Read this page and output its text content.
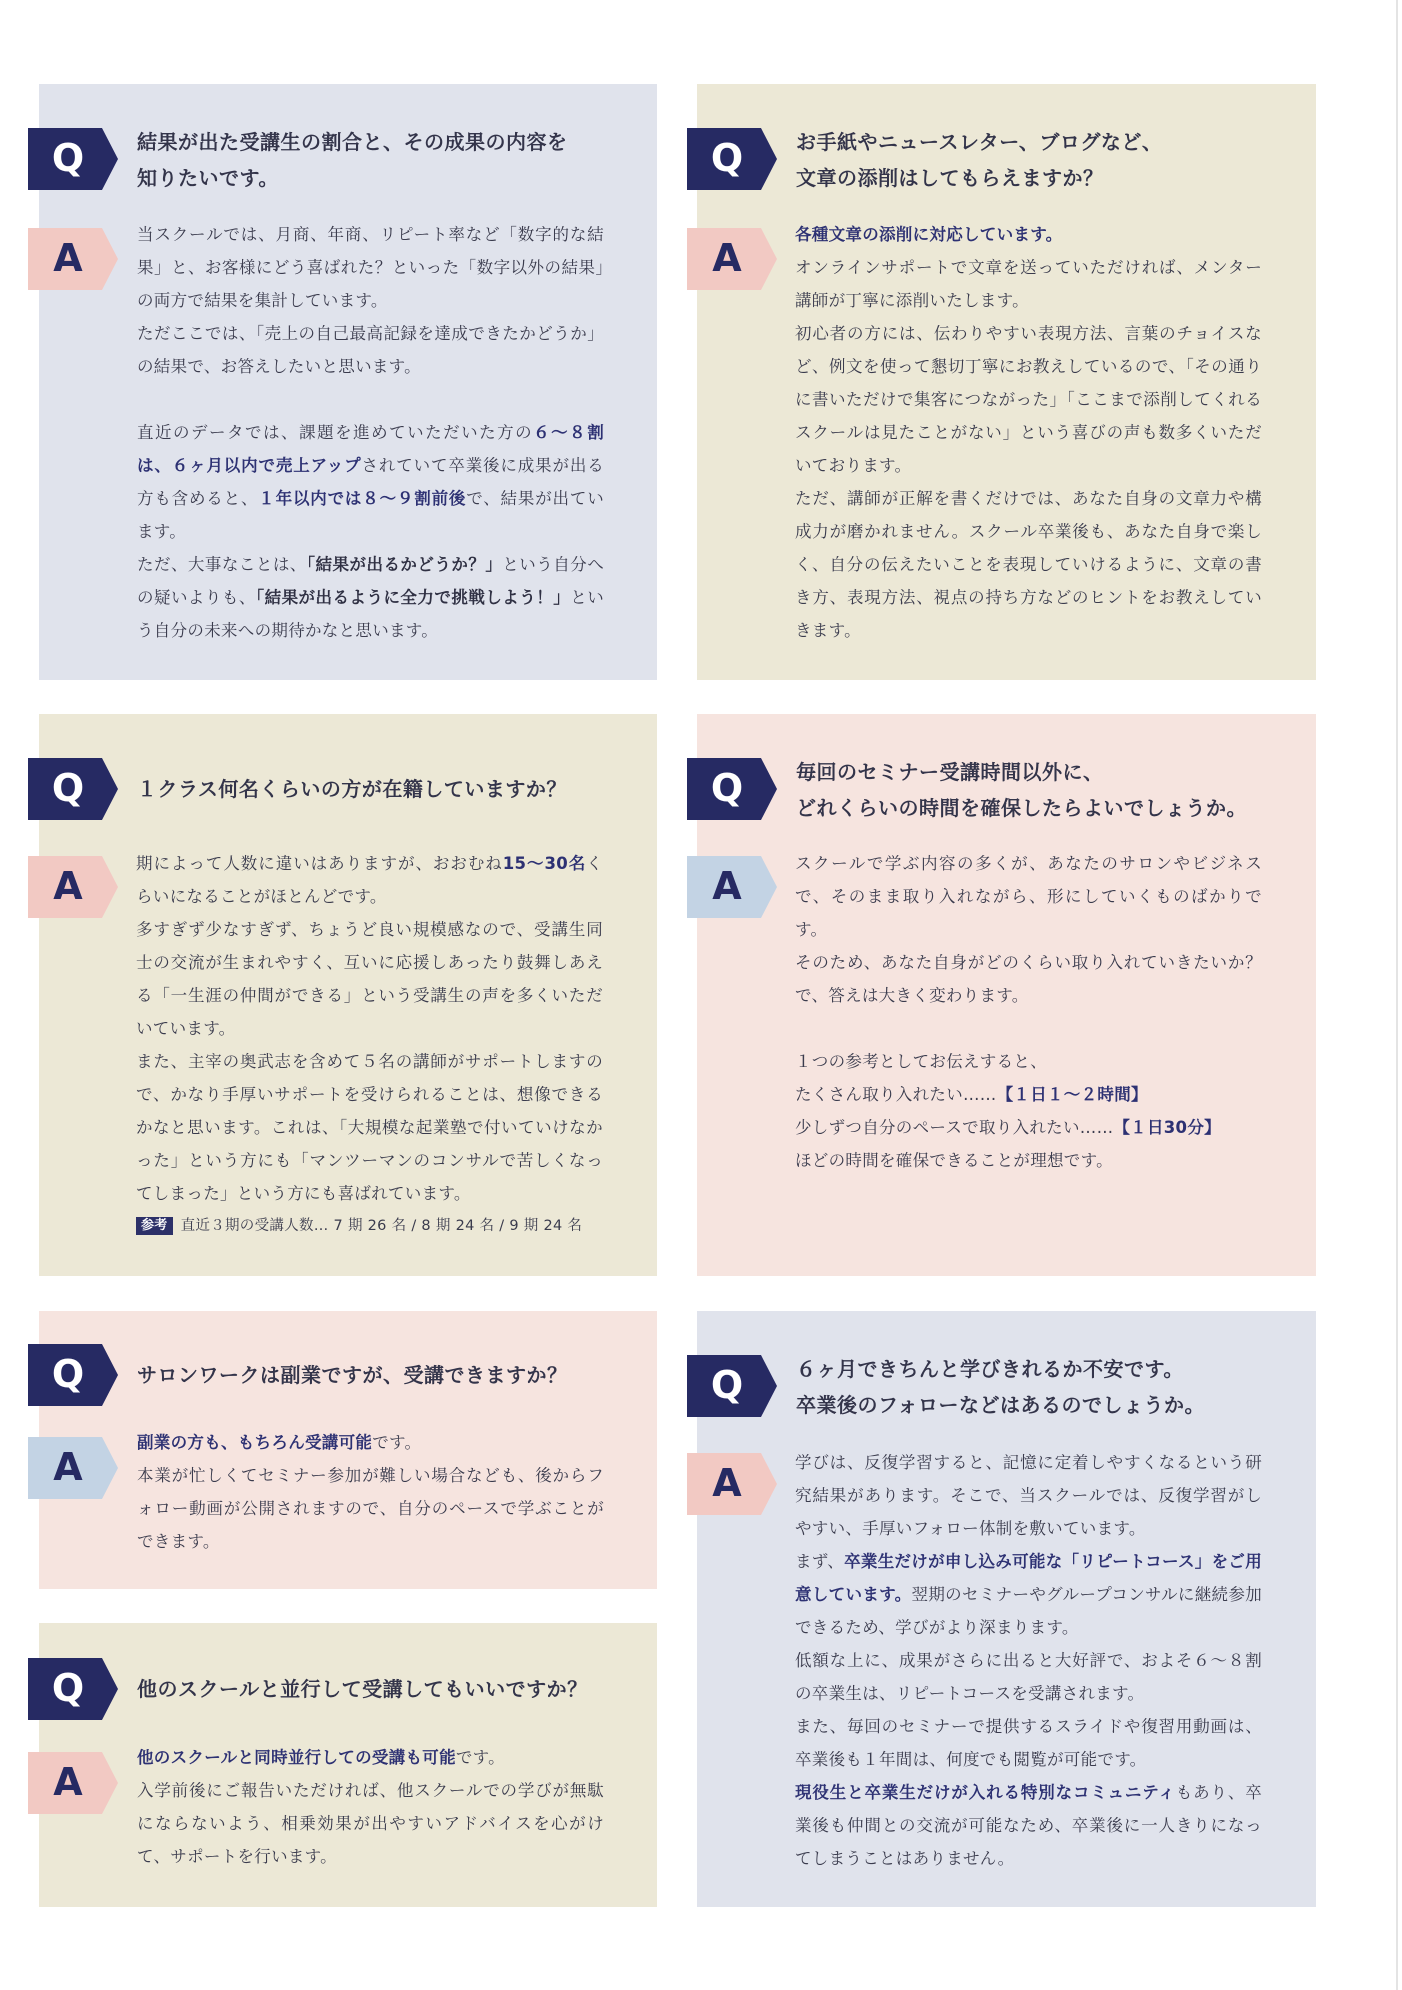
Q	結果が出た受講生の割合と、その成果の内容を
知りたいです。
A

当スクールでは、月商、年商、リピート率など「数字的な結果」と、お客様にどう喜ばれた？といった「数字以外の結果」の両方で結果を集計しています。

ただここでは、「売上の自己最高記録を達成できたかどうか」の結果で、お答えしたいと思います。

直近のデータでは、課題を進めていただいた方の６〜８割は、６ヶ月以内で売上アップされていて卒業後に成果が出る方も含めると、１年以内では８〜９割前後で、結果が出ています。

ただ、大事なことは、「結果が出るかどうか？」という自分への疑いよりも、「結果が出るように全力で挑戦しよう！」という自分の未来への期待かなと思います。

Q	お手紙やニュースレター、ブログなど、
文章の添削はしてもらえますか？
A

各種文章の添削に対応しています。

オンラインサポートで文章を送っていただければ、メンター講師が丁寧に添削いたします。

初心者の方には、伝わりやすい表現方法、言葉のチョイスなど、例文を使って懇切丁寧にお教えしているので、「その通りに書いただけで集客につながった」「ここまで添削してくれるスクールは見たことがない」という喜びの声も数多くいただいております。

ただ、講師が正解を書くだけでは、あなた自身の文章力や構成力が磨かれません。スクール卒業後も、あなた自身で楽しく、自分の伝えたいことを表現していけるように、文章の書き方、表現方法、視点の持ち方などのヒントをお教えしていきます。

Q	１クラス何名くらいの方が在籍していますか？
A

期によって人数に違いはありますが、おおむね15〜30名くらいになることがほとんどです。

多すぎず少なすぎず、ちょうど良い規模感なので、受講生同士の交流が生まれやすく、互いに応援しあったり鼓舞しあえる「一生涯の仲間ができる」という受講生の声を多くいただいています。

また、主宰の奥武志を含めて５名の講師がサポートしますので、かなり手厚いサポートを受けられることは、想像できるかなと思います。これは、「大規模な起業塾で付いていけなかった」という方にも「マンツーマンのコンサルで苦しくなってしまった」という方にも喜ばれています。

参考 直近３期の受講人数… 7 期 26 名 / 8 期 24 名 / 9 期 24 名

Q	毎回のセミナー受講時間以外に、
どれくらいの時間を確保したらよいでしょうか。
A

スクールで学ぶ内容の多くが、あなたのサロンやビジネスで、そのまま取り入れながら、形にしていくものばかりです。

そのため、あなた自身がどのくらい取り入れていきたいか？ で、答えは大きく変わります。

１つの参考としてお伝えすると、

たくさん取り入れたい……【１日１〜２時間】

少しずつ自分のペースで取り入れたい……【１日30分】

ほどの時間を確保できることが理想です。

Q	サロンワークは副業ですが、受講できますか？
A

副業の方も、もちろん受講可能です。

本業が忙しくてセミナー参加が難しい場合なども、後からフォロー動画が公開されますので、自分のペースで学ぶことができます。

Q	６ヶ月できちんと学びきれるか不安です。
卒業後のフォローなどはあるのでしょうか。
A	学びは、反復学習すると、記憶に定着しやすくなるという研究結果があります。そこで、当スクールでは、反復学習がしやすい、手厚いフォロー体制を敷いています。

まず、卒業生だけが申し込み可能な「リピートコース」をご用意しています。翌期のセミナーやグループコンサルに継続参加できるため、学びがより深まります。

低額な上に、成果がさらに出ると大好評で、およそ６〜８割の卒業生は、リピートコースを受講されます。

また、毎回のセミナーで提供するスライドや復習用動画は、卒業後も１年間は、何度でも閲覧が可能です。

現役生と卒業生だけが入れる特別なコミュニティもあり、卒業後も仲間との交流が可能なため、卒業後に一人きりになってしまうことはありません。

Q	他のスクールと並行して受講してもいいですか？
A

他のスクールと同時並行しての受講も可能です。

入学前後にご報告いただければ、他スクールでの学びが無駄にならないよう、相乗効果が出やすいアドバイスを心がけて、サポートを行います。
